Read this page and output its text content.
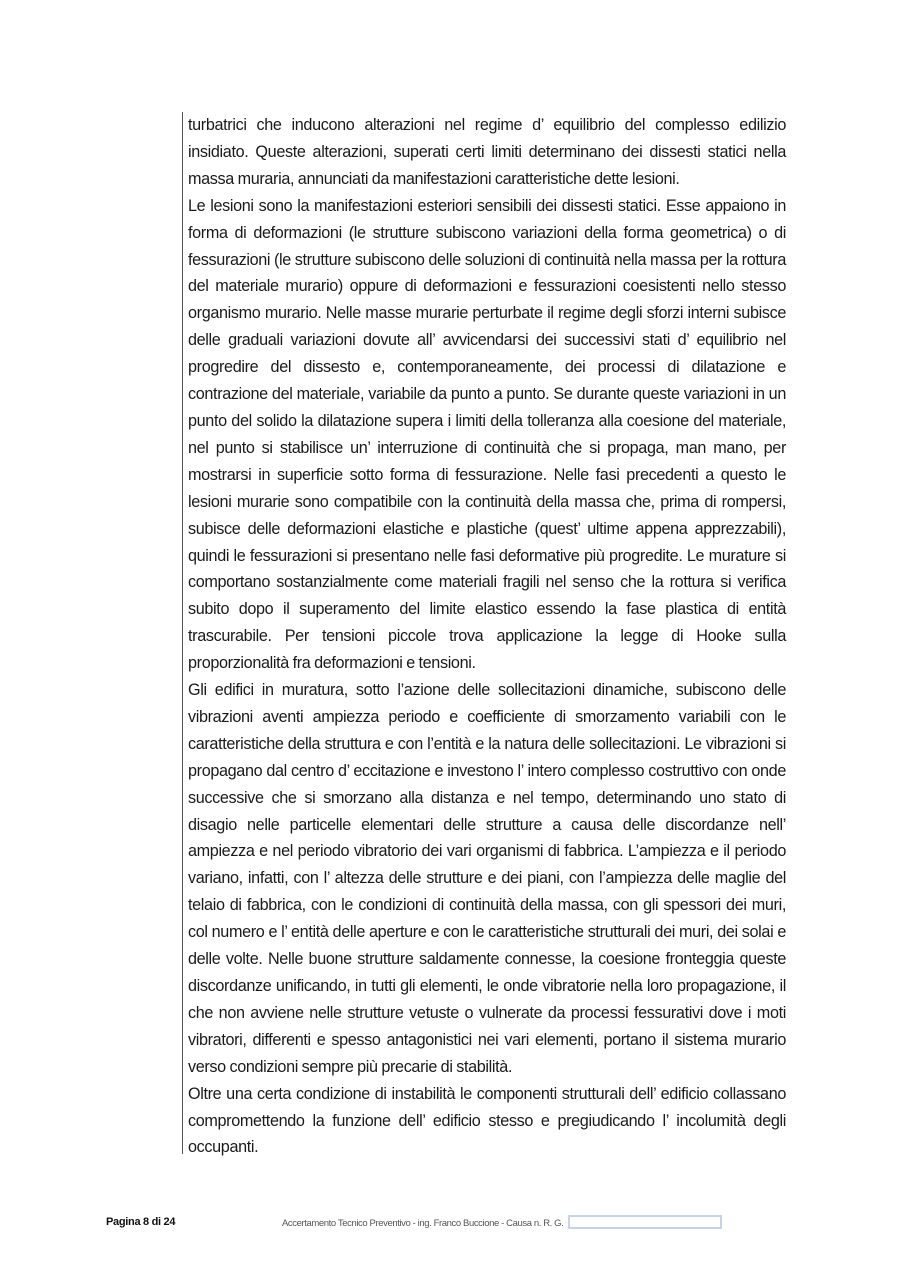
turbatrici che inducono alterazioni nel regime d’ equilibrio del complesso edilizio insidiato. Queste alterazioni, superati certi limiti determinano dei dissesti statici nella massa muraria, annunciati da manifestazioni caratteristiche dette lesioni.

Le lesioni sono la manifestazioni esteriori sensibili dei dissesti statici. Esse appaiono in forma di deformazioni (le strutture subiscono variazioni della forma geometrica) o di fessurazioni (le strutture subiscono delle soluzioni di continuità nella massa per la rottura del materiale murario) oppure di deformazioni e fessurazioni coesistenti nello stesso organismo murario. Nelle masse murarie perturbate il regime degli sforzi interni subisce delle graduali variazioni dovute all’ avvicendarsi dei successivi stati d’ equilibrio nel progredire del dissesto e, contemporaneamente, dei processi di dilatazione e contrazione del materiale, variabile da punto a punto. Se durante queste variazioni in un punto del solido la dilatazione supera i limiti della tolleranza alla coesione del materiale, nel punto si stabilisce un’ interruzione di continuità che si propaga, man mano, per mostrarsi in superficie sotto forma di fessurazione. Nelle fasi precedenti a questo le lesioni murarie sono compatibile con la continuità della massa che, prima di rompersi, subisce delle deformazioni elastiche e plastiche (quest’ ultime appena apprezzabili), quindi le fessurazioni si presentano nelle fasi deformative più progredite. Le murature si comportano sostanzialmente come materiali fragili nel senso che la rottura si verifica subito dopo il superamento del limite elastico essendo la fase plastica di entità trascurabile. Per tensioni piccole trova applicazione la legge di Hooke sulla proporzionalità fra deformazioni e tensioni.

Gli edifici in muratura, sotto l’azione delle sollecitazioni dinamiche, subiscono delle vibrazioni aventi ampiezza periodo e coefficiente di smorzamento variabili con le caratteristiche della struttura e con l’entità e la natura delle sollecitazioni. Le vibrazioni si propagano dal centro d’ eccitazione e investono l’ intero complesso costruttivo con onde successive che si smorzano alla distanza e nel tempo, determinando uno stato di disagio nelle particelle elementari delle strutture a causa delle discordanze nell’ ampiezza e nel periodo vibratorio dei vari organismi di fabbrica. L’ampiezza e il periodo variano, infatti, con l’ altezza delle strutture e dei piani, con l’ampiezza delle maglie del telaio di fabbrica, con le condizioni di continuità della massa, con gli spessori dei muri, col numero e l’ entità delle aperture e con le caratteristiche strutturali dei muri, dei solai e delle volte. Nelle buone strutture saldamente connesse, la coesione fronteggia queste discordanze unificando, in tutti gli elementi, le onde vibratorie nella loro propagazione, il che non avviene nelle strutture vetuste o vulnerate da processi fessurativi dove i moti vibratori, differenti e spesso antagonistici nei vari elementi, portano il sistema murario verso condizioni sempre più precarie di stabilità.

Oltre una certa condizione di instabilità le componenti strutturali dell’ edificio collassano compromettendo la funzione dell’ edificio stesso e pregiudicando l’ incolumità degli occupanti.

Pagina 8 di 24	Accertamento Tecnico Preventivo - ing. Franco Buccione - Causa n. R. G.
